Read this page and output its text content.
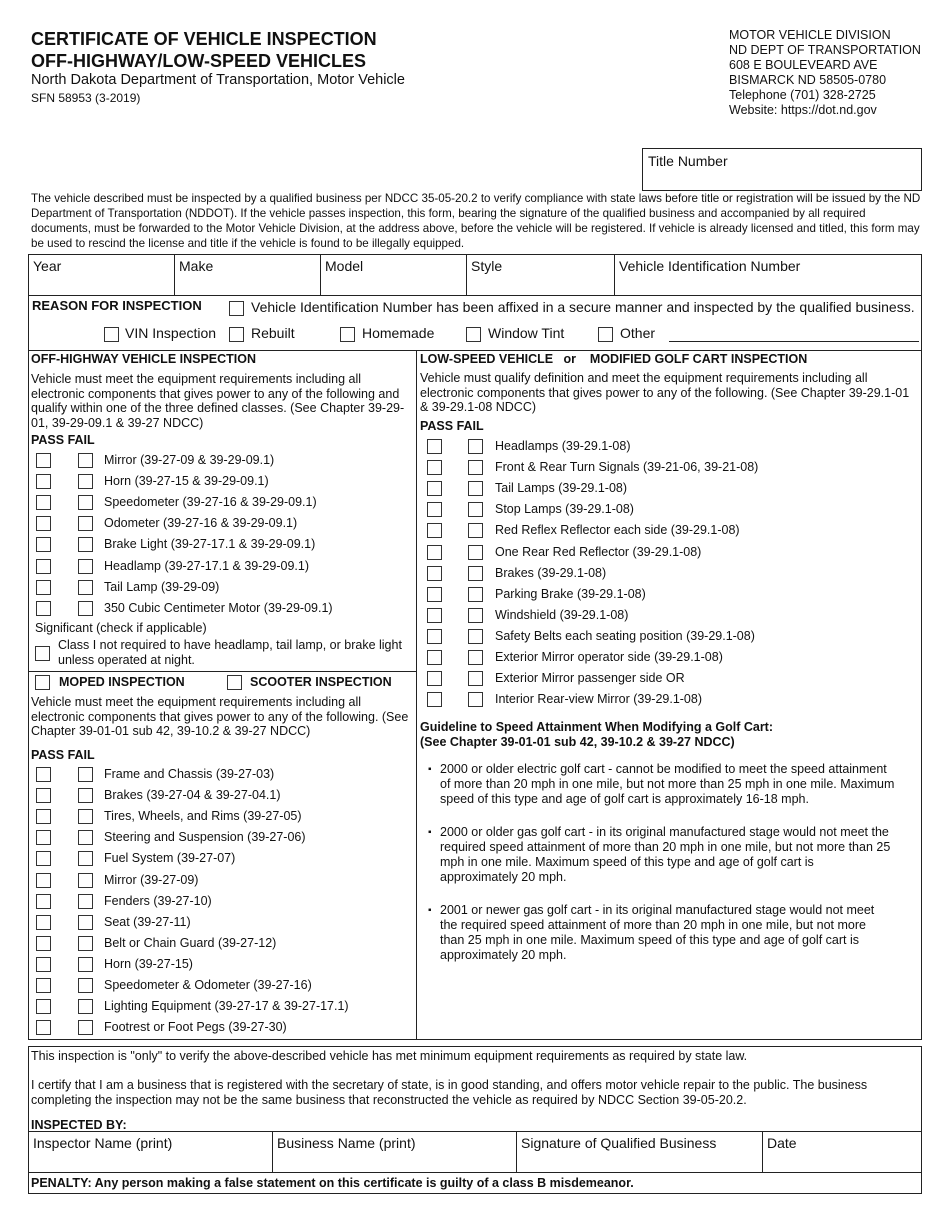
CERTIFICATE OF VEHICLE INSPECTION
OFF-HIGHWAY/LOW-SPEED VEHICLES
North Dakota Department of Transportation, Motor Vehicle
SFN 58953 (3-2019)
MOTOR VEHICLE DIVISION
ND DEPT OF TRANSPORTATION
608 E BOULEVEARD AVE
BISMARCK ND 58505-0780
Telephone (701) 328-2725
Website: https://dot.nd.gov
Title Number
The vehicle described must be inspected by a qualified business per NDCC 35-05-20.2 to verify compliance with state laws before title or registration will be issued by the ND Department of Transportation (NDDOT). If the vehicle passes inspection, this form, bearing the signature of the qualified business and accompanied by all required documents, must be forwarded to the Motor Vehicle Division, at the address above, before the vehicle will be registered. If vehicle is already licensed and titled, this form may be used to rescind the license and title if the vehicle is found to be illegally equipped.
Year	Make	Model	Style	Vehicle Identification Number
REASON FOR INSPECTION	Vehicle Identification Number has been affixed in a secure manner and inspected by the qualified business.
VIN Inspection Rebuilt	Homemade	Window Tint	Other
OFF-HIGHWAY VEHICLE INSPECTION
Vehicle must meet the equipment requirements including all electronic components that gives power to any of the following and qualify within one of the three defined classes. (See Chapter 39-29-01, 39-29-09.1 & 39-27 NDCC)
PASS FAIL
Mirror (39-27-09 & 39-29-09.1)
Horn (39-27-15 & 39-29-09.1)
Speedometer (39-27-16 & 39-29-09.1)
Odometer (39-27-16 & 39-29-09.1)
Brake Light (39-27-17.1 & 39-29-09.1)
Headlamp (39-27-17.1 & 39-29-09.1)
Tail Lamp (39-29-09)
350 Cubic Centimeter Motor (39-29-09.1)
Significant (check if applicable)
Class I not required to have headlamp, tail lamp, or brake light
unless operated at night.
MOPED INSPECTION	SCOOTER INSPECTION
Vehicle must meet the equipment requirements including all electronic components that gives power to any of the following. (See Chapter 39-01-01 sub 42, 39-10.2 & 39-27 NDCC)
PASS FAIL
Frame and Chassis (39-27-03)
Brakes (39-27-04 & 39-27-04.1)
Tires, Wheels, and Rims (39-27-05)
Steering and Suspension (39-27-06)
Fuel System (39-27-07)
Mirror (39-27-09)
Fenders (39-27-10)
Seat (39-27-11)
Belt or Chain Guard (39-27-12)
Horn (39-27-15)
Speedometer & Odometer (39-27-16)
Lighting Equipment (39-27-17 & 39-27-17.1)
Footrest or Foot Pegs (39-27-30)
LOW-SPEED VEHICLE   or    MODIFIED GOLF CART INSPECTION
Vehicle must qualify definition and meet the equipment requirements including all electronic components that gives power to any of the following. (See Chapter 39-29.1-01 & 39-29.1-08 NDCC)
PASS FAIL
Headlamps (39-29.1-08)
Front & Rear Turn Signals (39-21-06, 39-21-08)
Tail Lamps (39-29.1-08)
Stop Lamps (39-29.1-08)
Red Reflex Reflector each side (39-29.1-08)
One Rear Red Reflector (39-29.1-08)
Brakes (39-29.1-08)
Parking Brake (39-29.1-08)
Windshield (39-29.1-08)
Safety Belts each seating position (39-29.1-08)
Exterior Mirror operator side (39-29.1-08)
Exterior Mirror passenger side OR
Interior Rear-view Mirror (39-29.1-08)
Guideline to Speed Attainment When Modifying a Golf Cart:
(See Chapter 39-01-01 sub 42, 39-10.2 & 39-27 NDCC)
▪ 2000 or older electric golf cart - cannot be modified to meet the speed attainment of more than 20 mph in one mile, but not more than 25 mph in one mile. Maximum speed of this type and age of golf cart is approximately 16-18 mph.
▪ 2000 or older gas golf cart - in its original manufactured stage would not meet the required speed attainment of more than 20 mph in one mile, but not more than 25 mph in one mile. Maximum speed of this type and age of golf cart is approximately 20 mph.
▪ 2001 or newer gas golf cart - in its original manufactured stage would not meet the required speed attainment of more than 20 mph in one mile, but not more than 25 mph in one mile. Maximum speed of this type and age of golf cart is approximately 20 mph.
This inspection is "only" to verify the above-described vehicle has met minimum equipment requirements as required by state law.
I certify that I am a business that is registered with the secretary of state, is in good standing, and offers motor vehicle repair to the public. The business completing the inspection may not be the same business that reconstructed the vehicle as required by NDCC Section 39-05-20.2.
INSPECTED BY:
Inspector Name (print)	Business Name (print)	Signature of Qualified Business	Date
PENALTY: Any person making a false statement on this certificate is guilty of a class B misdemeanor.
